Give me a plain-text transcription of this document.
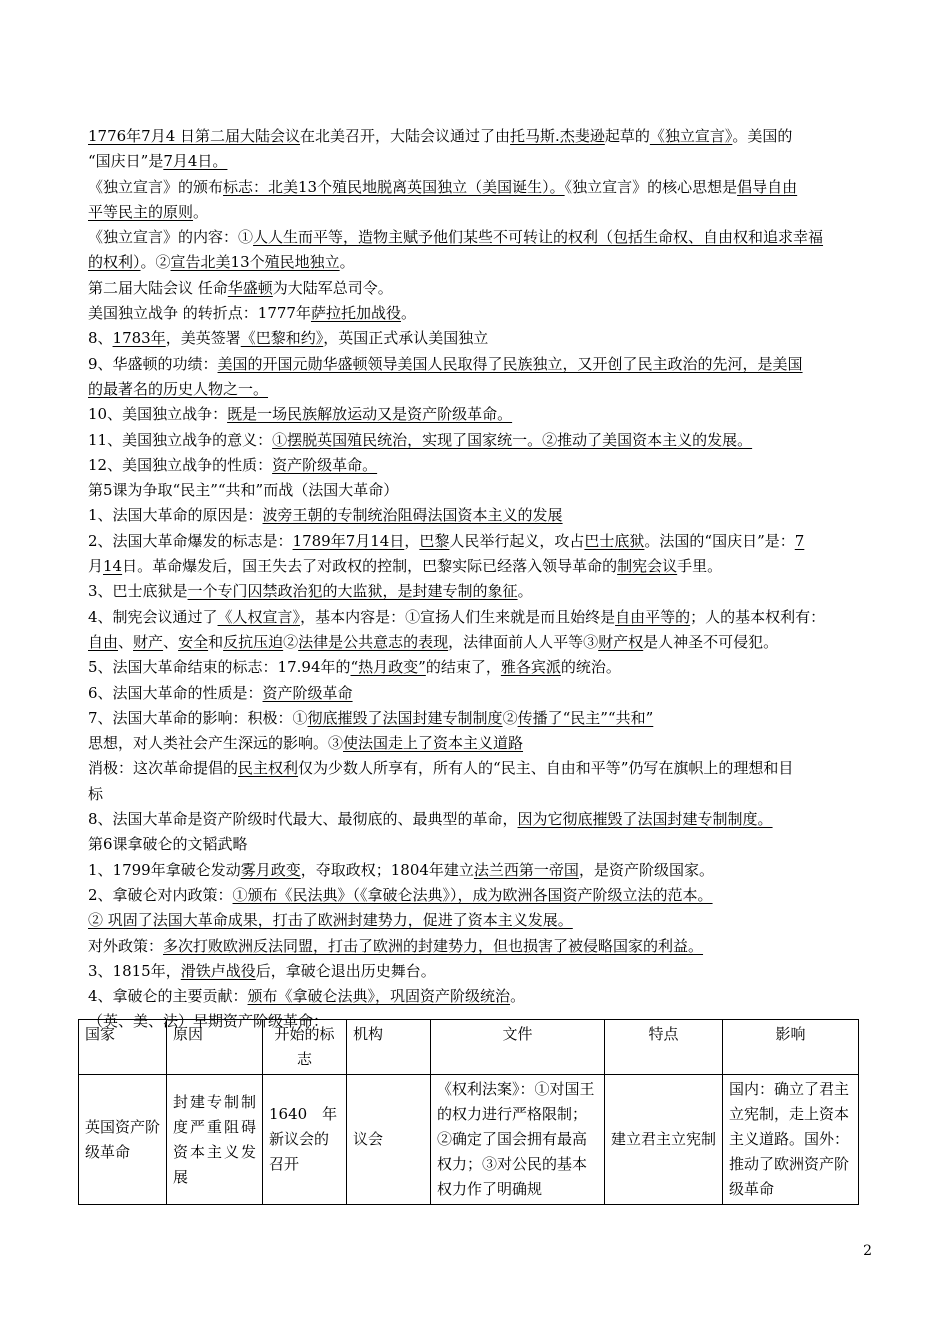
1776年7月4 日第二届大陆会议在北美召开，大陆会议通过了由托马斯.杰斐逊起草的《独立宣言》。美国的
“国庆日”是7月4日。
《独立宣言》的颁布标志：北美13个殖民地脱离英国独立（美国诞生）。《独立宣言》的核心思想是倡导自由
平等民主的原则。
《独立宣言》的内容：①人人生而平等，造物主赋予他们某些不可转让的权利（包括生命权、自由权和追求幸福
的权利）。②宣告北美13个殖民地独立。
第二届大陆会议 任命华盛顿为大陆军总司令。
美国独立战争 的转折点：1777年萨拉托加战役。
8、1783年，美英签署《巴黎和约》，英国正式承认美国独立
9、华盛顿的功绩：美国的开国元勋华盛顿领导美国人民取得了民族独立，又开创了民主政治的先河，是美国
的最著名的历史人物之一。
10、美国独立战争：既是一场民族解放运动又是资产阶级革命。
11、美国独立战争的意义：①摆脱英国殖民统治，实现了国家统一。②推动了美国资本主义的发展。
12、美国独立战争的性质：资产阶级革命。
第5课为争取“民主”“共和”而战（法国大革命）
1、法国大革命的原因是：波旁王朝的专制统治阻碍法国资本主义的发展
2、法国大革命爆发的标志是：1789年7月14日，巴黎人民举行起义，攻占巴士底狱。法国的“国庆日”是：7
月14日。革命爆发后，国王失去了对政权的控制，巴黎实际已经落入领导革命的制宪会议手里。
3、巴士底狱是一个专门囚禁政治犯的大监狱，是封建专制的象征。
4、制宪会议通过了《人权宣言》，基本内容是：①宣扬人们生来就是而且始终是自由平等的；人的基本权利有：
自由、财产、安全和反抗压迫②法律是公共意志的表现，法律面前人人平等③财产权是人神圣不可侵犯。
5、法国大革命结束的标志：17.94年的“热月政变”的结束了，雅各宾派的统治。
6、法国大革命的性质是：资产阶级革命
7、法国大革命的影响：积极：①彻底摧毁了法国封建专制制度②传播了“民主”“共和”
思想，对人类社会产生深远的影响。③使法国走上了资本主义道路
消极：这次革命提倡的民主权利仅为少数人所享有，所有人的“民主、自由和平等”仍写在旗帜上的理想和目
标
8、法国大革命是资产阶级时代最大、最彻底的、最典型的革命，因为它彻底摧毁了法国封建专制制度。
第6课拿破仑的文韬武略
1、1799年拿破仑发动雾月政变，夺取政权；1804年建立法兰西第一帝国，是资产阶级国家。
2、拿破仑对内政策：①颁布《民法典》（《拿破仑法典》），成为欧洲各国资产阶级立法的范本。
② 巩固了法国大革命成果，打击了欧洲封建势力，促进了资本主义发展。
对外政策：多次打败欧洲反法同盟，打击了欧洲的封建势力，但也损害了被侵略国家的利益。
3、1815年，滑铁卢战役后，拿破仑退出历史舞台。
4、拿破仑的主要贡献：颁布《拿破仑法典》，巩固资产阶级统治。
（英、美、法）早期资产阶级革命：
国家	原因	开始的标志	机构	文件	特点	影响
英国资产阶级革命	封建专制制度严重阻碍资本主义发展	1640　年新议会的召开	议会	《权利法案》：①对国王的权力进行严格限制；②确定了国会拥有最高权力；③对公民的基本权力作了明确规	建立君主立宪制	国内：确立了君主立宪制，走上资本主义道路。国外：推动了欧洲资产阶级革命
2
